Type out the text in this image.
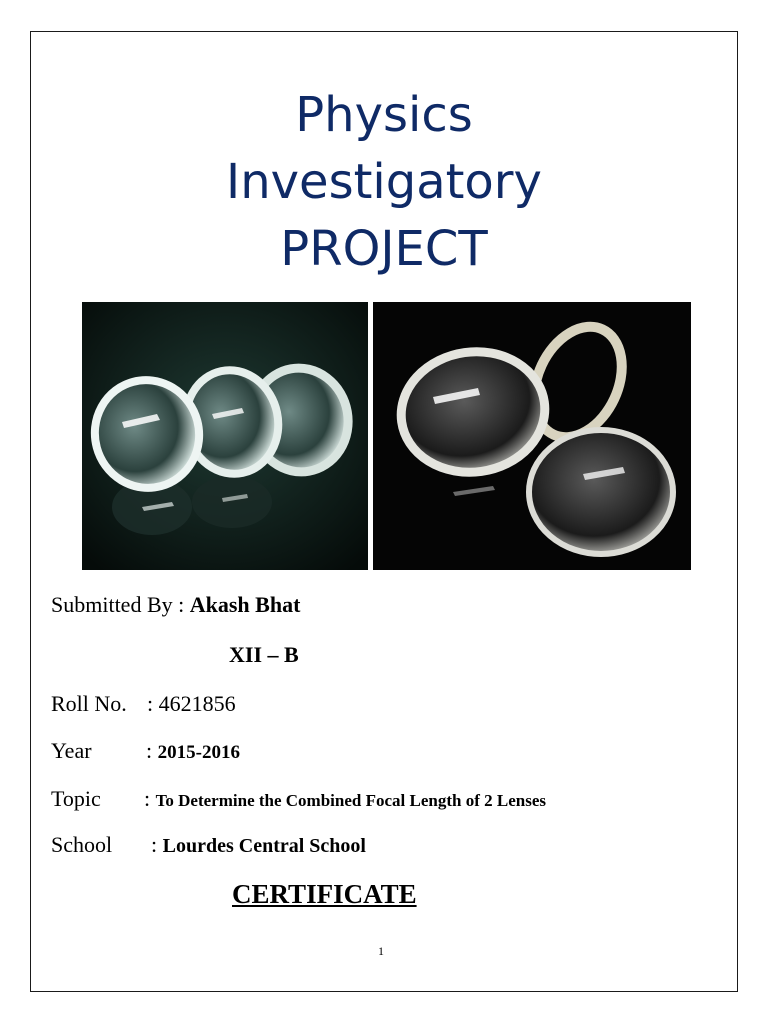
Physics
Investigatory
PROJECT
Submitted By : Akash Bhat
XII – B
Roll No. : 4621856
Year : 2015-2016
Topic : To Determine the Combined Focal Length of 2 Lenses
School : Lourdes Central School
CERTIFICATE
1
